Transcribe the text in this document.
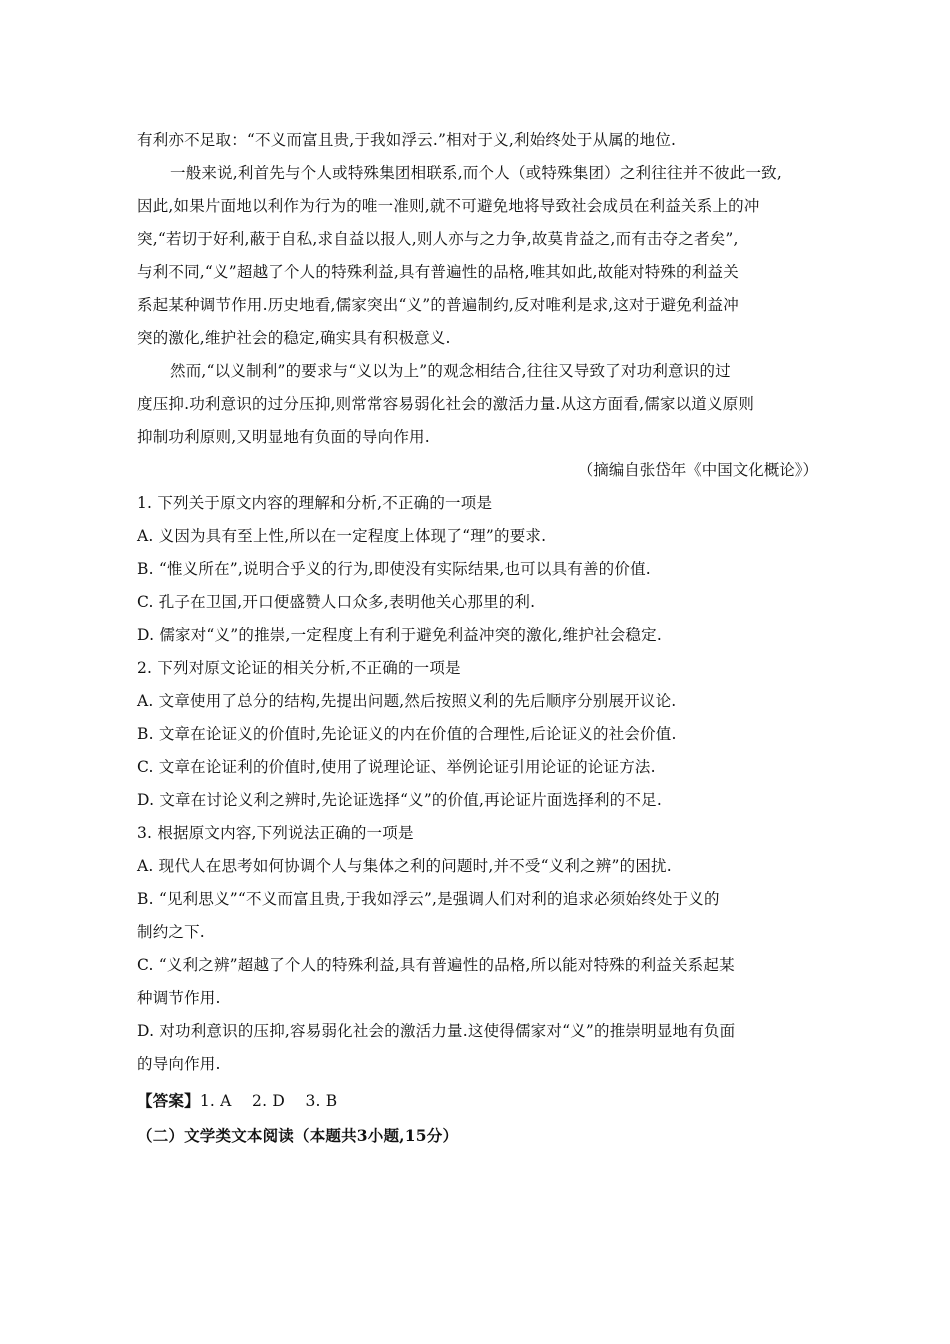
有利亦不足取：“不义而富且贵,于我如浮云.”相对于义,利始终处于从属的地位.
一般来说,利首先与个人或特殊集团相联系,而个人（或特殊集团）之利往往并不彼此一致,
因此,如果片面地以利作为行为的唯一准则,就不可避免地将导致社会成员在利益关系上的冲
突,“若切于好利,蔽于自私,求自益以报人,则人亦与之力争,故莫肯益之,而有击夺之者矣”,
与利不同,“义”超越了个人的特殊利益,具有普遍性的品格,唯其如此,故能对特殊的利益关
系起某种调节作用.历史地看,儒家突出“义”的普遍制约,反对唯利是求,这对于避免利益冲
突的激化,维护社会的稳定,确实具有积极意义.
然而,“以义制利”的要求与“义以为上”的观念相结合,往往又导致了对功利意识的过
度压抑.功利意识的过分压抑,则常常容易弱化社会的激活力量.从这方面看,儒家以道义原则
抑制功利原则,又明显地有负面的导向作用.
（摘编自张岱年《中国文化概论》）
1. 下列关于原文内容的理解和分析,不正确的一项是
A. 义因为具有至上性,所以在一定程度上体现了“理”的要求.
B. “惟义所在”,说明合乎义的行为,即使没有实际结果,也可以具有善的价值.
C. 孔子在卫国,开口便盛赞人口众多,表明他关心那里的利.
D. 儒家对“义”的推崇,一定程度上有利于避免利益冲突的激化,维护社会稳定.
2. 下列对原文论证的相关分析,不正确的一项是
A. 文章使用了总分的结构,先提出问题,然后按照义利的先后顺序分别展开议论.
B. 文章在论证义的价值时,先论证义的内在价值的合理性,后论证义的社会价值.
C. 文章在论证利的价值时,使用了说理论证、举例论证引用论证的论证方法.
D. 文章在讨论义利之辨时,先论证选择“义”的价值,再论证片面选择利的不足.
3. 根据原文内容,下列说法正确的一项是
A. 现代人在思考如何协调个人与集体之利的问题时,并不受“义利之辨”的困扰.
B. “见利思义”“不义而富且贵,于我如浮云”,是强调人们对利的追求必须始终处于义的
制约之下.
C. “义利之辨”超越了个人的特殊利益,具有普遍性的品格,所以能对特殊的利益关系起某
种调节作用.
D. 对功利意识的压抑,容易弱化社会的激活力量.这使得儒家对“义”的推崇明显地有负面
的导向作用.
【答案】1. A    2. D    3. B
（二）文学类文本阅读（本题共3小题,15分）
